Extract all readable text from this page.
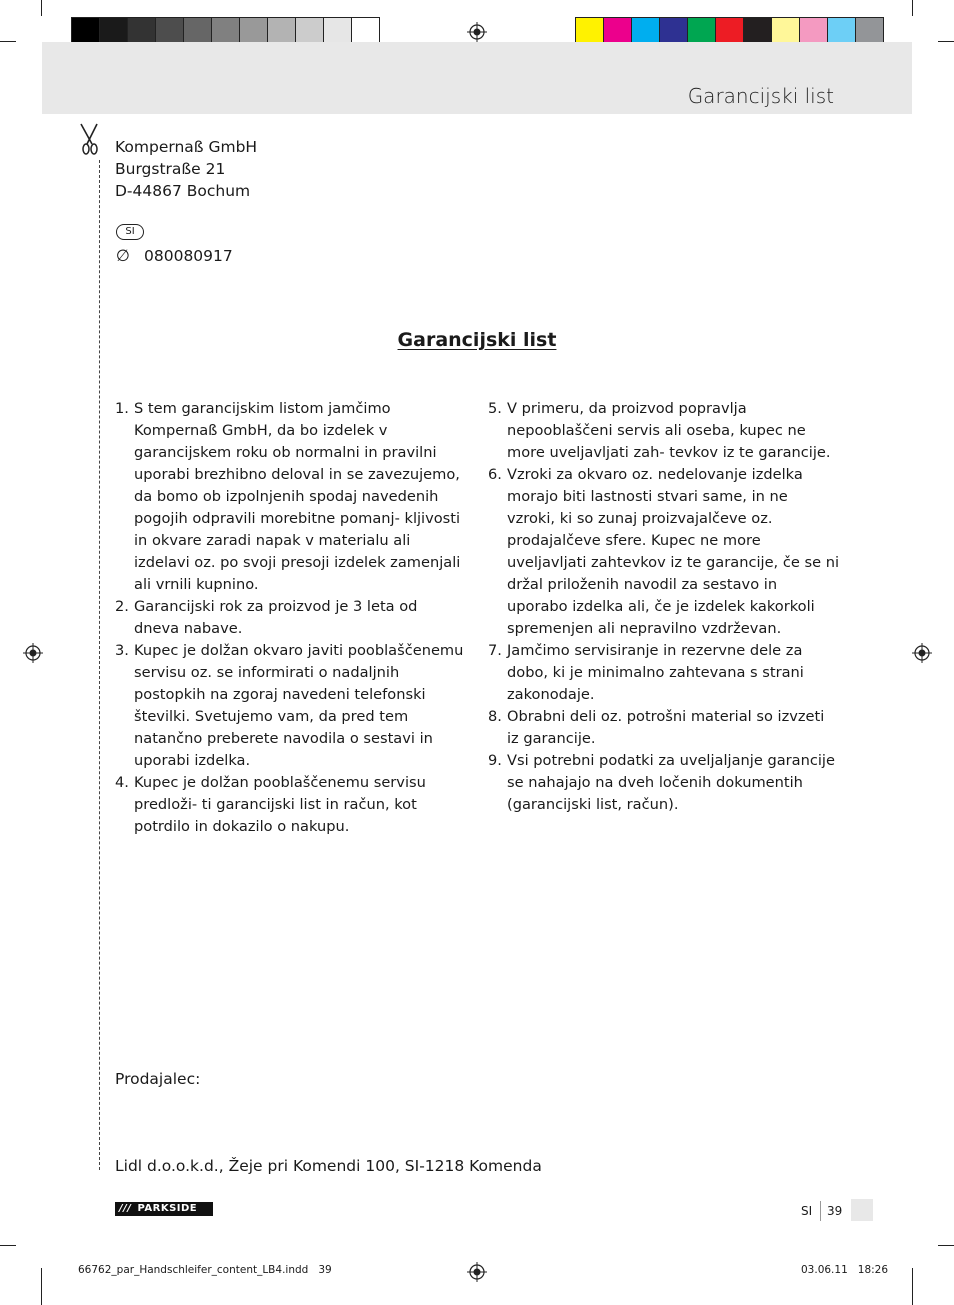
Garancijski list
Kompernaß GmbH
Burgstraße 21
D-44867 Bochum
SI
∅ 080080917
Garancijski list
1. S tem garancijskim listom jamčimo Kompernaß GmbH, da bo izdelek v garancijskem roku ob normalni in pravilni uporabi brezhibno deloval in se zavezujemo, da bomo ob izpolnjenih spodaj navedenih pogojih odpravili morebitne pomanj- kljivosti in okvare zaradi napak v materialu ali izdelavi oz. po svoji presoji izdelek zamenjali ali vrnili kupnino.
2. Garancijski rok za proizvod je 3 leta od dneva nabave.
3. Kupec je dolžan okvaro javiti pooblaščenemu servisu oz. se informirati o nadaljnih postopkih na zgoraj navedeni telefonski številki. Svetujemo vam, da pred tem natančno preberete navodila o sestavi in uporabi izdelka.
4. Kupec je dolžan pooblaščenemu servisu predloži- ti garancijski list in račun, kot potrdilo in dokazilo o nakupu.
5. V primeru, da proizvod popravlja nepooblaščeni servis ali oseba, kupec ne more uveljavljati zah- tevkov iz te garancije.
6. Vzroki za okvaro oz. nedelovanje izdelka morajo biti lastnosti stvari same, in ne vzroki, ki so zunaj proizvajalčeve oz. prodajalčeve sfere. Kupec ne more uveljavljati zahtevkov iz te garancije, če se ni držal priloženih navodil za sestavo in uporabo izdelka ali, če je izdelek kakorkoli spremenjen ali nepravilno vzdrževan.
7. Jamčimo servisiranje in rezervne dele za dobo, ki je minimalno zahtevana s strani zakonodaje.
8. Obrabni deli oz. potrošni material so izvzeti iz garancije.
9. Vsi potrebni podatki za uveljaljanje garancije se nahajajo na dveh ločenih dokumentih (garancijski list, račun).
Prodajalec:
Lidl d.o.o.k.d., Žeje pri Komendi 100, SI-1218 Komenda
/// PARKSIDE	SI 39
66762_par_Handschleifer_content_LB4.indd   39	03.06.11   18:26
